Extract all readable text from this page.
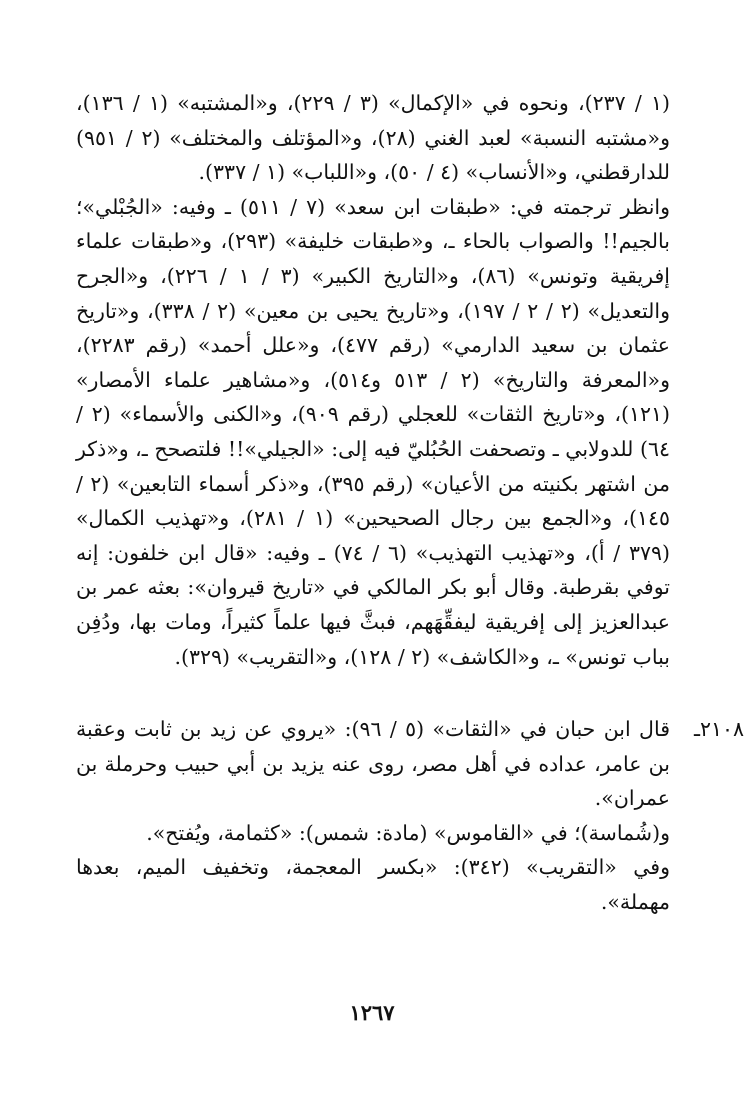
(١ / ٢٣٧)، ونحوه في «الإكمال» (٣ / ٢٢٩)، و«المشتبه» (١ / ١٣٦)، و«مشتبه النسبة» لعبد الغني (٢٨)، و«المؤتلف والمختلف» (٢ / ٩٥١) للدارقطني، و«الأنساب» (٤ / ٥٠)، و«اللباب» (١ / ٣٣٧).

وانظر ترجمته في: «طبقات ابن سعد» (٧ / ٥١١) ـ وفيه: «الجُبْلي»؛ بالجيم!! والصواب بالحاء ـ، و«طبقات خليفة» (٢٩٣)، و«طبقات علماء إفريقية وتونس» (٨٦)، و«التاريخ الكبير» (٣ / ١ / ٢٢٦)، و«الجرح والتعديل» (٢ / ٢ / ١٩٧)، و«تاريخ يحيى بن معين» (٢ / ٣٣٨)، و«تاريخ عثمان بن سعيد الدارمي» (رقم ٤٧٧)، و«علل أحمد» (رقم ٢٢٨٣)، و«المعرفة والتاريخ» (٢ / ٥١٣ و٥١٤)، و«مشاهير علماء الأمصار» (١٢١)، و«تاريخ الثقات» للعجلي (رقم ٩٠٩)، و«الكنى والأسماء» (٢ / ٦٤) للدولابي ـ وتصحفت الحُبُليّ فيه إلى: «الجيلي»!! فلتصحح ـ، و«ذكر من اشتهر بكنيته من الأعيان» (رقم ٣٩٥)، و«ذكر أسماء التابعين» (٢ / ١٤٥)، و«الجمع بين رجال الصحيحين» (١ / ٢٨١)، و«تهذيب الكمال» (٣٧٩ / أ)، و«تهذيب التهذيب» (٦ / ٧٤) ـ وفيه: «قال ابن خلفون: إنه توفي بقرطبة. وقال أبو بكر المالكي في «تاريخ قيروان»: بعثه عمر بن عبدالعزيز إلى إفريقية ليفقِّهَهم، فبثَّ فيها علماً كثيراً، ومات بها، ودُفِن بباب تونس» ـ، و«الكاشف» (٢ / ١٢٨)، و«التقريب» (٣٢٩).

٢١٠٨ـ

قال ابن حبان في «الثقات» (٥ / ٩٦): «يروي عن زيد بن ثابت وعقبة بن عامر، عداده في أهل مصر، روى عنه يزيد بن أبي حبيب وحرملة بن عمران».

و(شُماسة)؛ في «القاموس» (مادة: شمس): «كثمامة، ويُفتح».

وفي «التقريب» (٣٤٢): «بكسر المعجمة، وتخفيف الميم، بعدها مهملة».

١٢٦٧
